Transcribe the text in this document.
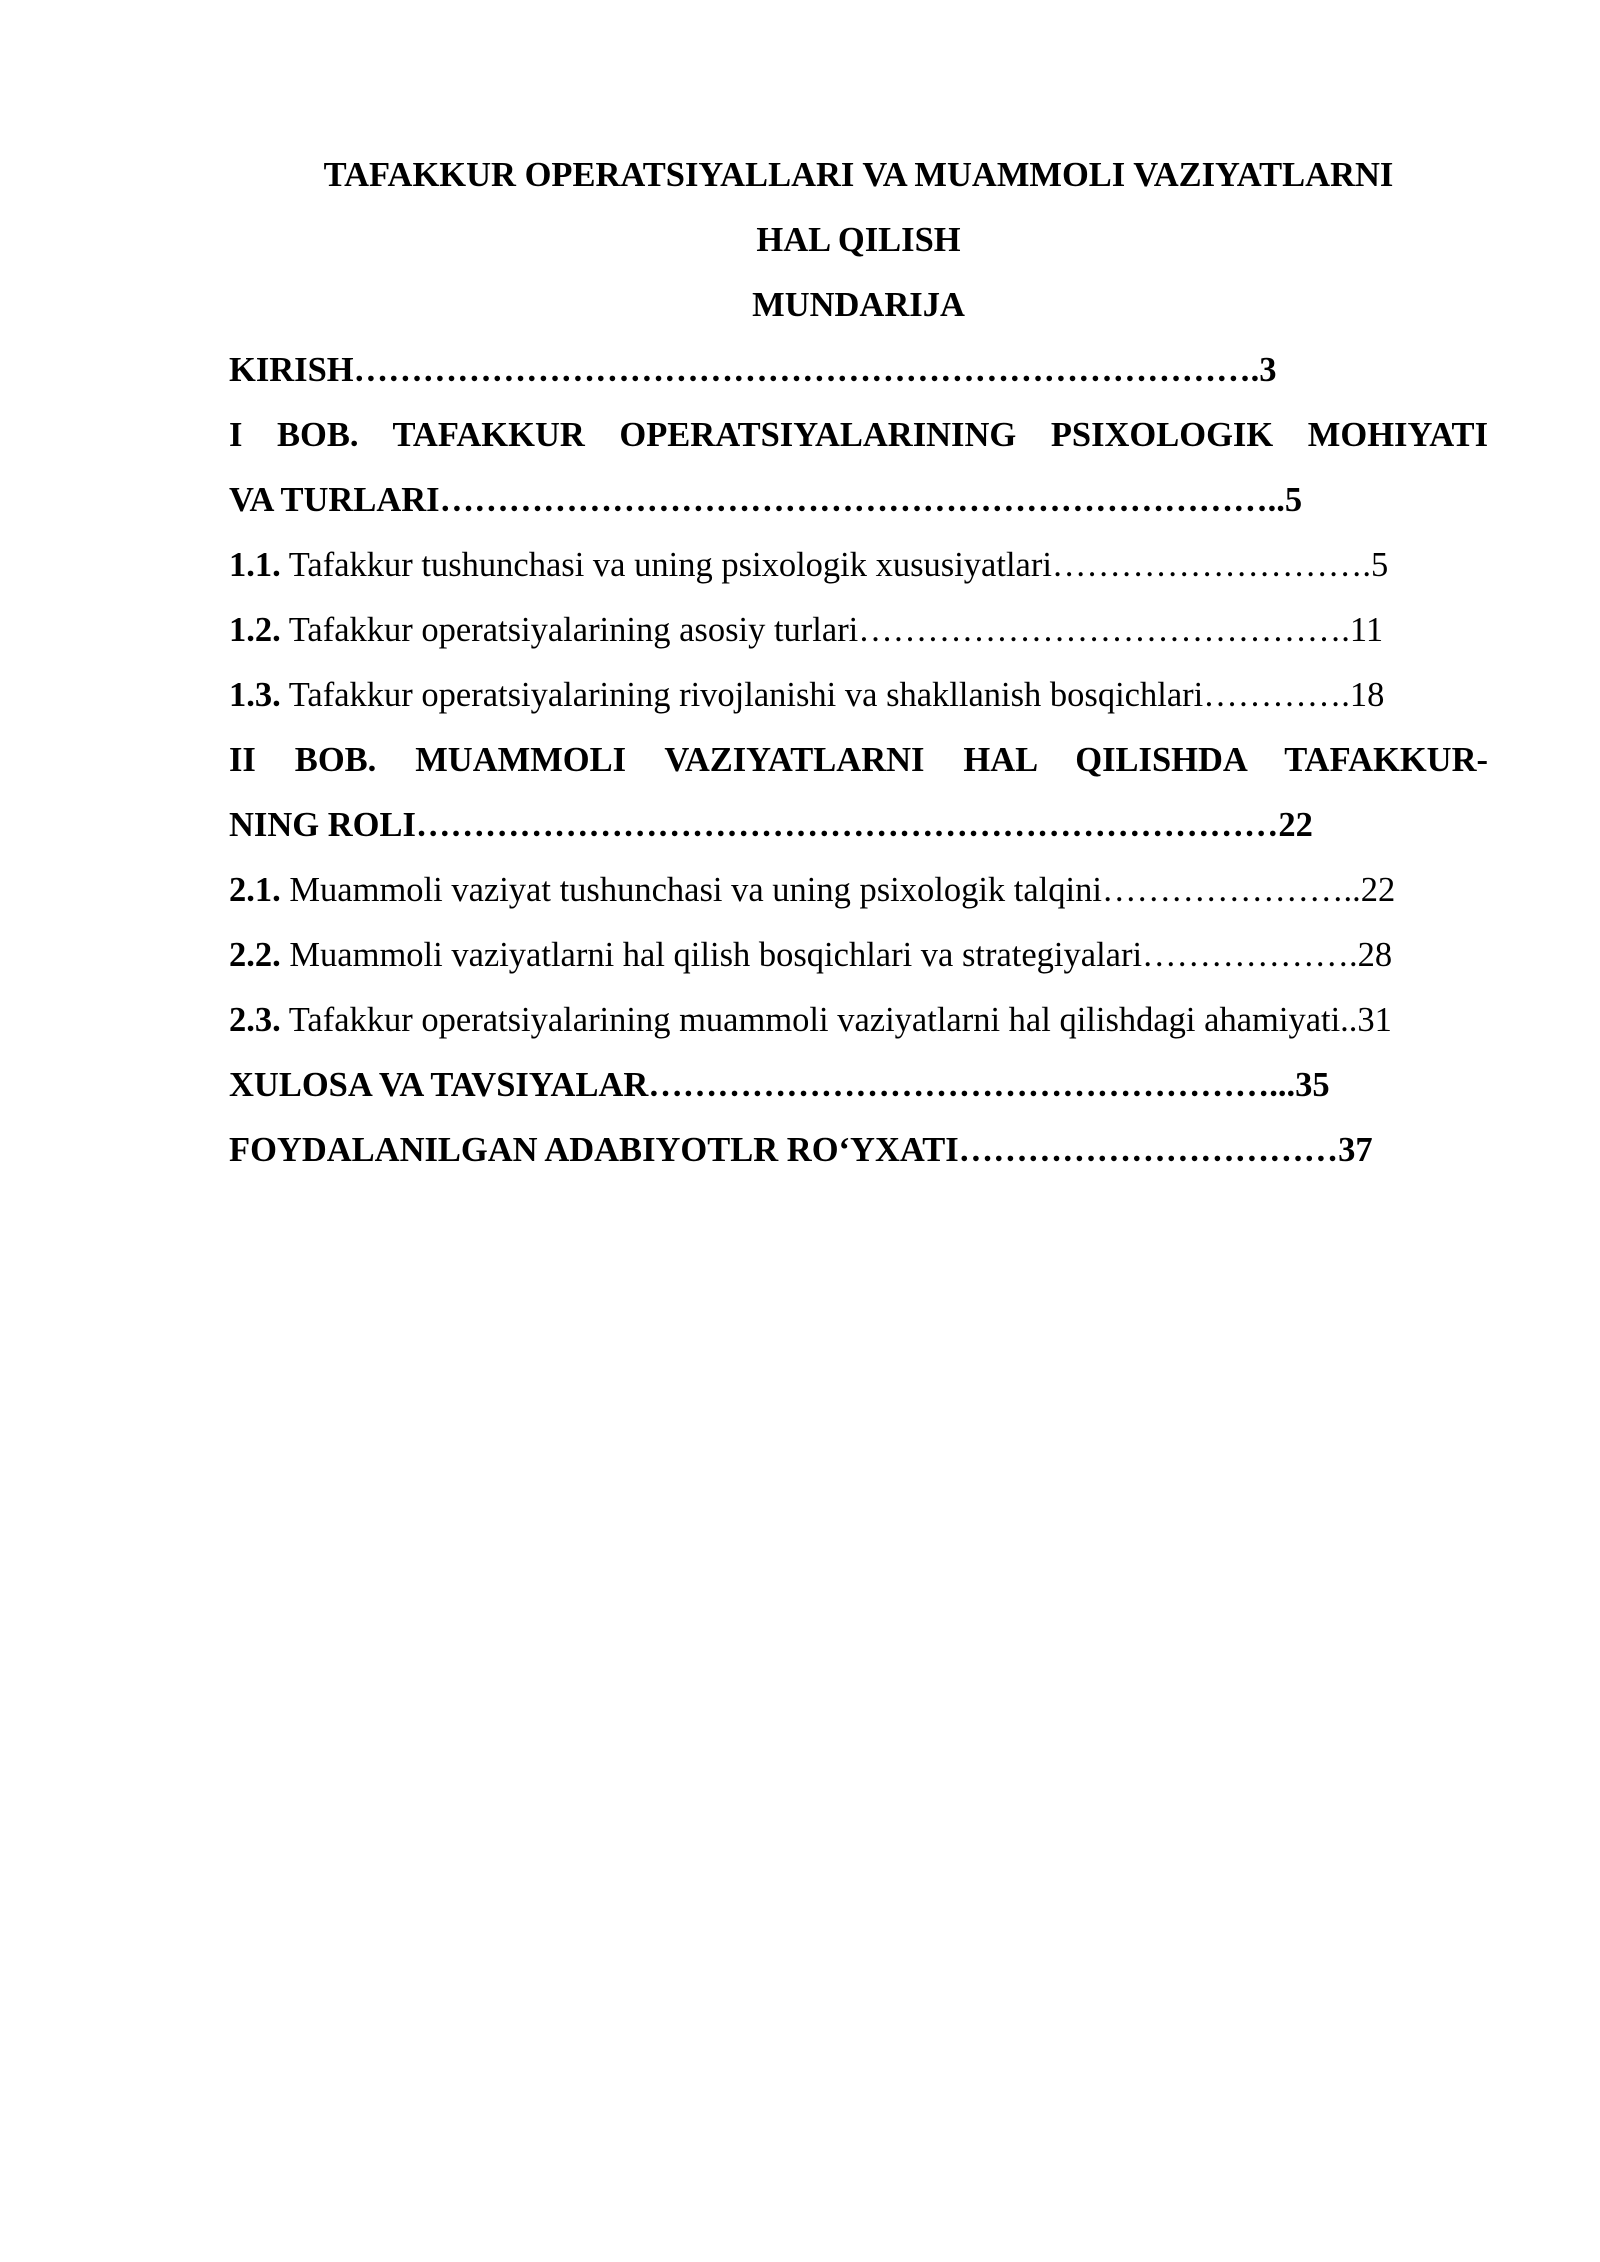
TAFAKKUR OPERATSIYALLARI VA MUAMMOLI VAZIYATLARNI
HAL QILISH
MUNDARIJA
KIRISH…………………………………………………………………….3
I BOB. TAFAKKUR OPERATSIYALARINING PSIXOLOGIK MOHIYATI
VA TURLARI………………………………………………………………..5
1.1. Tafakkur tushunchasi va uning psixologik xususiyatlari……………………….5
1.2. Tafakkur operatsiyalarining asosiy turlari…………………………………….11
1.3. Tafakkur operatsiyalarining rivojlanishi va shakllanish bosqichlari………….18
II BOB. MUAMMOLI VAZIYATLARNI HAL QILISHDA TAFAKKUR-
NING ROLI…………………………………………………………………22
2.1. Muammoli vaziyat tushunchasi va uning psixologik talqini…………………..22
2.2. Muammoli vaziyatlarni hal qilish bosqichlari va strategiyalari……………….28
2.3. Tafakkur operatsiyalarining muammoli vaziyatlarni hal qilishdagi ahamiyati..31
XULOSA VA TAVSIYALAR………………………………………………...35
FOYDALANILGAN ADABIYOTLR RO‘YXATI……………………………37
